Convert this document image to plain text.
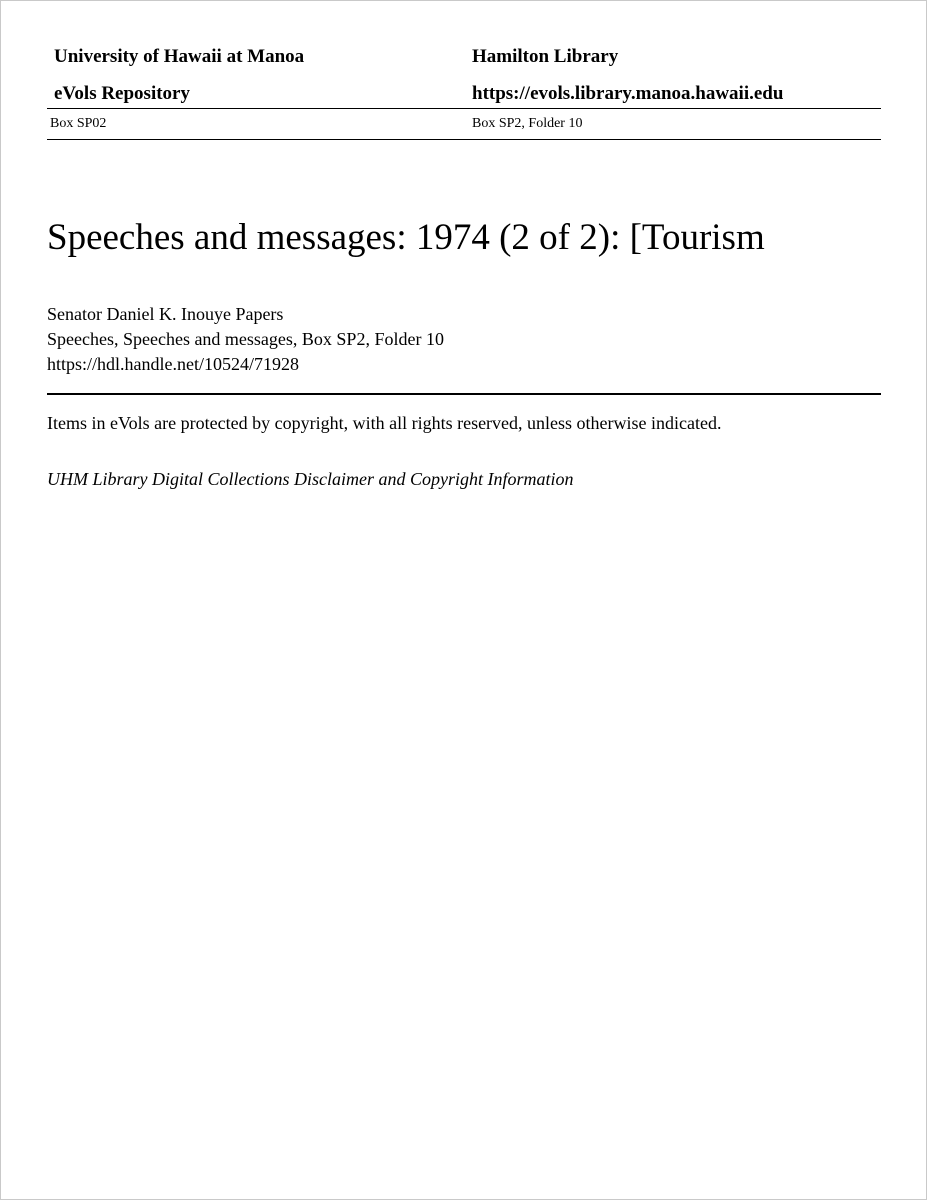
University of Hawaii at Manoa	Hamilton Library
eVols Repository	https://evols.library.manoa.hawaii.edu
Box SP02	Box SP2, Folder 10
Speeches and messages: 1974 (2 of 2): [Tourism
Senator Daniel K. Inouye Papers
Speeches, Speeches and messages, Box SP2, Folder 10
https://hdl.handle.net/10524/71928
Items in eVols are protected by copyright, with all rights reserved, unless otherwise indicated.
UHM Library Digital Collections Disclaimer and Copyright Information
